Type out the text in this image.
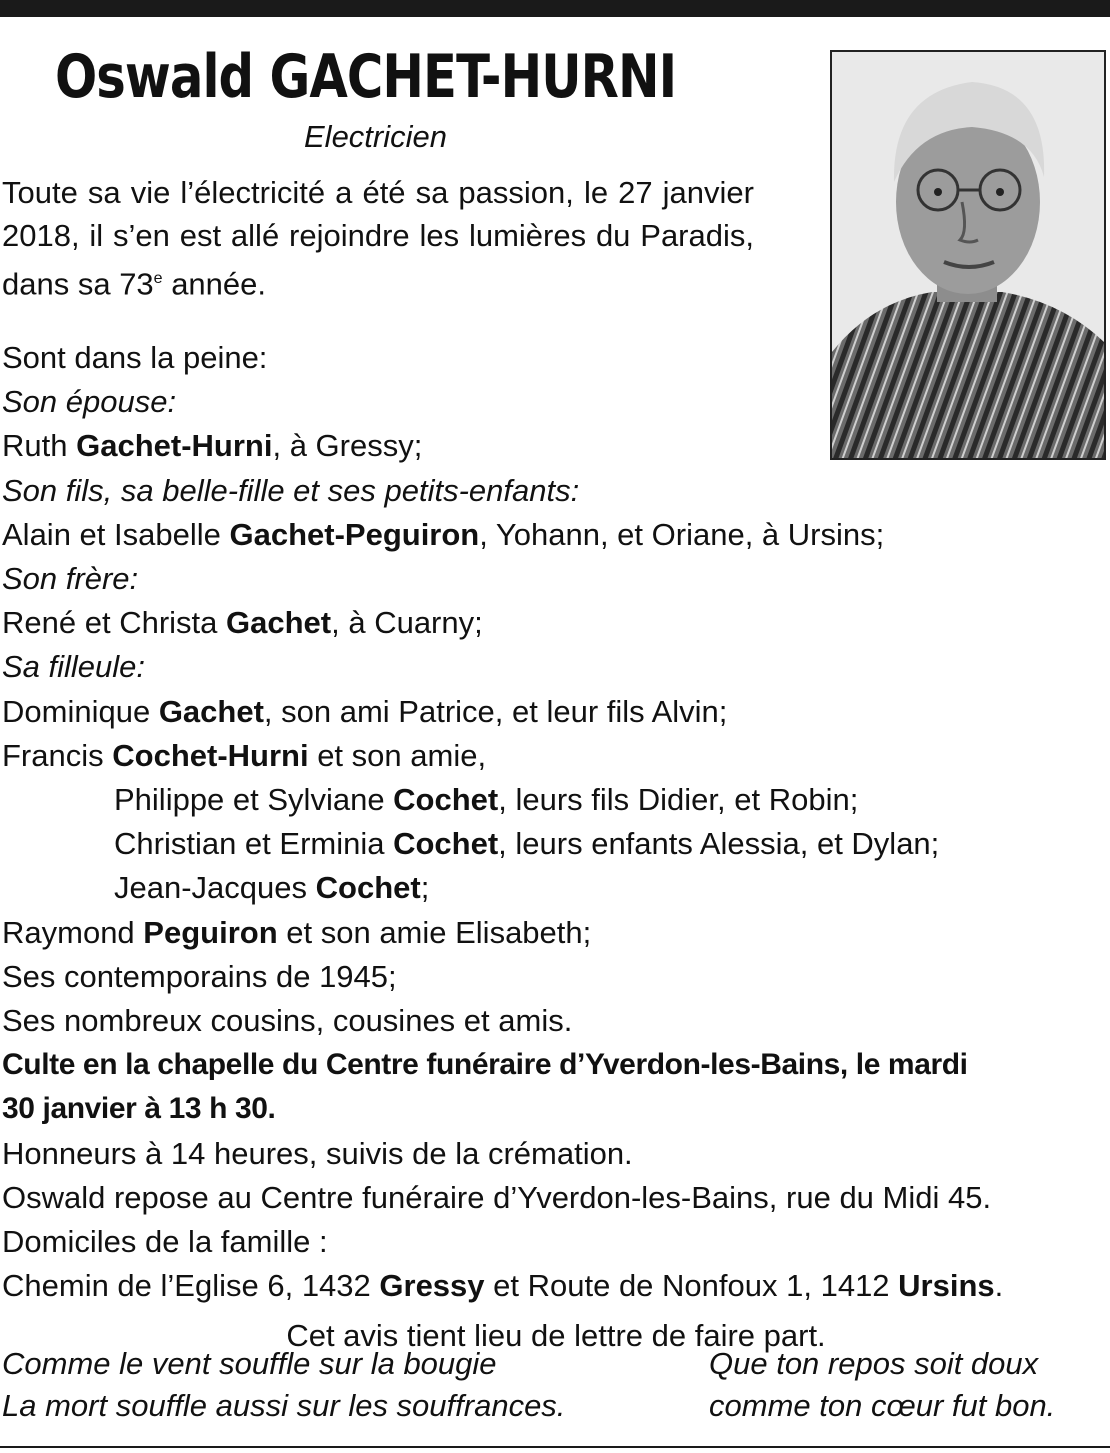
Oswald GACHET-HURNI
Electricien

Toute sa vie l’électricité a été sa passion, le 27 janvier 2018, il s’en est allé rejoindre les lumières du Paradis, dans sa 73e année.

Sont dans la peine:
Son épouse:
Ruth Gachet-Hurni, à Gressy;
Son fils, sa belle-fille et ses petits-enfants:
Alain et Isabelle Gachet-Peguiron, Yohann, et Oriane, à Ursins;
Son frère:
René et Christa Gachet, à Cuarny;
Sa filleule:
Dominique Gachet, son ami Patrice, et leur fils Alvin;
Francis Cochet-Hurni et son amie,
Philippe et Sylviane Cochet, leurs fils Didier, et Robin;
Christian et Erminia Cochet, leurs enfants Alessia, et Dylan;
Jean-Jacques Cochet;
Raymond Peguiron et son amie Elisabeth;
Ses contemporains de 1945;
Ses nombreux cousins, cousines et amis.
Culte en la chapelle du Centre funéraire d’Yverdon-les-Bains, le mardi
30 janvier à 13 h 30.
Honneurs à 14 heures, suivis de la crémation.
Oswald repose au Centre funéraire d’Yverdon-les-Bains, rue du Midi 45.
Domiciles de la famille :
Chemin de l’Eglise 6, 1432 Gressy et Route de Nonfoux 1, 1412 Ursins.
Cet avis tient lieu de lettre de faire part.
Comme le vent souffle sur la bougie
La mort souffle aussi sur les souffrances.
Que ton repos soit doux
comme ton cœur fut bon.
